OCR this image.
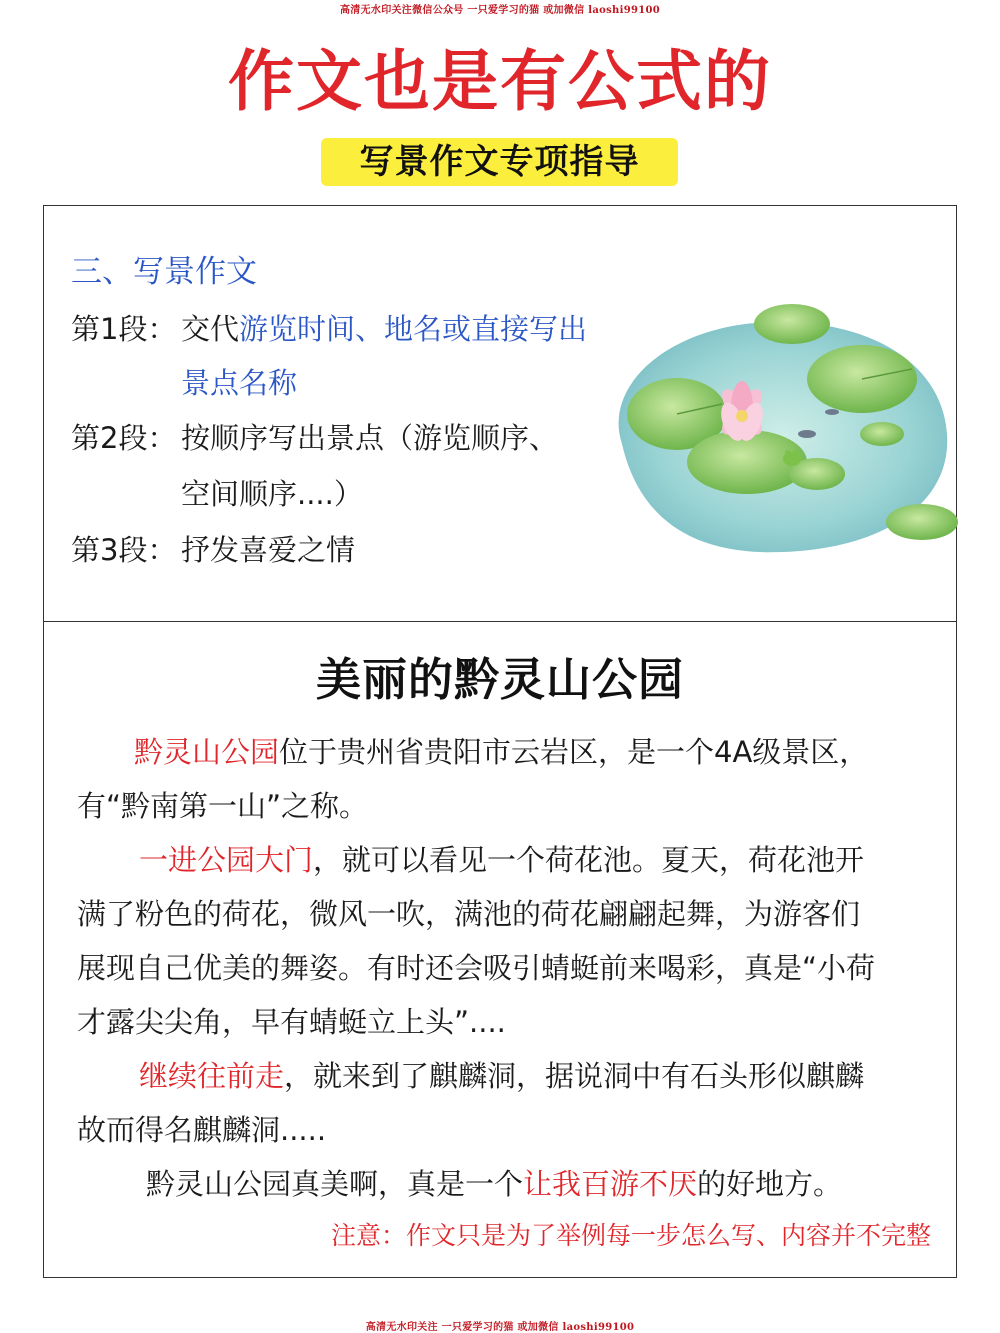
高清无水印关注微信公众号 一只爱学习的猫 或加微信 laoshi99100
作文也是有公式的
写景作文专项指导
三、写景作文
第1段： 交代游览时间、地名或直接写出
景点名称
第2段： 按顺序写出景点（游览顺序、
空间顺序....）
第3段： 抒发喜爱之情
美丽的黔灵山公园
黔灵山公园位于贵州省贵阳市云岩区，是一个4A级景区，
有“黔南第一山”之称。
一进公园大门，就可以看见一个荷花池。夏天，荷花池开
满了粉色的荷花，微风一吹，满池的荷花翩翩起舞，为游客们
展现自己优美的舞姿。有时还会吸引蜻蜓前来喝彩，真是“小荷
才露尖尖角，早有蜻蜓立上头”....
继续往前走，就来到了麒麟洞，据说洞中有石头形似麒麟
故而得名麒麟洞.....
黔灵山公园真美啊，真是一个让我百游不厌的好地方。
注意：作文只是为了举例每一步怎么写、内容并不完整
高清无水印关注 一只爱学习的猫 或加微信 laoshi99100
